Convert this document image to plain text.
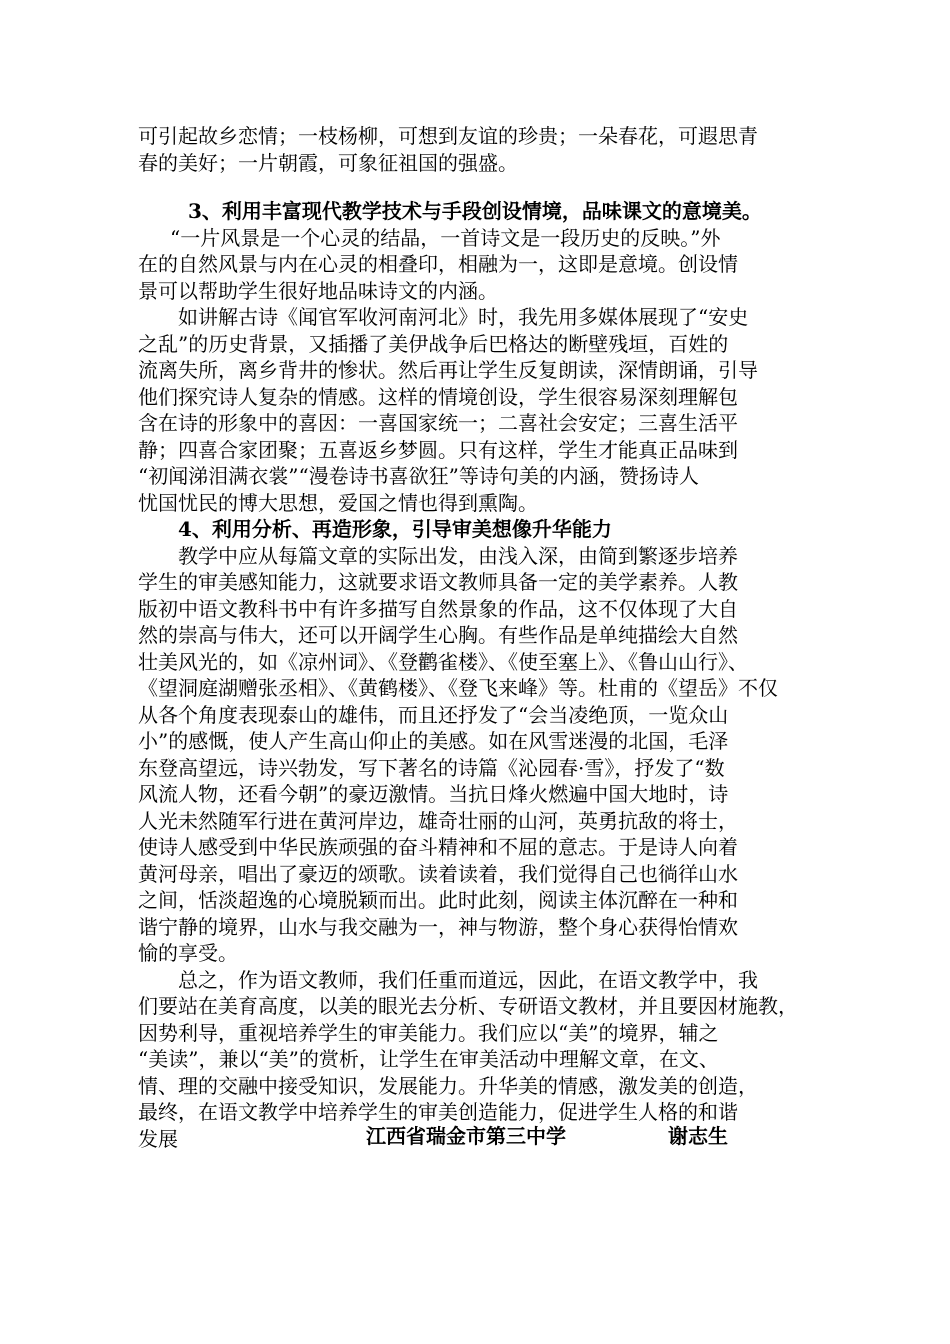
可引起故乡恋情；一枝杨柳，可想到友谊的珍贵；一朵春花，可遐思青
春的美好；一片朝霞，可象征祖国的强盛。
3、利用丰富现代教学技术与手段创设情境，品味课文的意境美。
“一片风景是一个心灵的结晶，一首诗文是一段历史的反映。”外
在的自然风景与内在心灵的相叠印，相融为一，这即是意境。创设情
景可以帮助学生很好地品味诗文的内涵。
如讲解古诗《闻官军收河南河北》时，我先用多媒体展现了“安史
之乱”的历史背景，又插播了美伊战争后巴格达的断壁残垣，百姓的
流离失所，离乡背井的惨状。然后再让学生反复朗读，深情朗诵，引导
他们探究诗人复杂的情感。这样的情境创设，学生很容易深刻理解包
含在诗的形象中的喜因：一喜国家统一；二喜社会安定；三喜生活平
静；四喜合家团聚；五喜返乡梦圆。只有这样，学生才能真正品味到
“初闻涕泪满衣裳”“漫卷诗书喜欲狂”等诗句美的内涵，赞扬诗人
忧国忧民的博大思想，爱国之情也得到熏陶。
4、利用分析、再造形象，引导审美想像升华能力
教学中应从每篇文章的实际出发，由浅入深，由简到繁逐步培养
学生的审美感知能力，这就要求语文教师具备一定的美学素养。人教
版初中语文教科书中有许多描写自然景象的作品，这不仅体现了大自
然的崇高与伟大，还可以开阔学生心胸。有些作品是单纯描绘大自然
壮美风光的，如《凉州词》、《登鹳雀楼》、《使至塞上》、《鲁山山行》、
《望洞庭湖赠张丞相》、《黄鹤楼》、《登飞来峰》等。杜甫的《望岳》不仅
从各个角度表现泰山的雄伟，而且还抒发了“会当凌绝顶，一览众山
小”的感慨，使人产生高山仰止的美感。如在风雪迷漫的北国，毛泽
东登高望远，诗兴勃发，写下著名的诗篇《沁园春·雪》，抒发了“数
风流人物，还看今朝”的豪迈激情。当抗日烽火燃遍中国大地时，诗
人光未然随军行进在黄河岸边，雄奇壮丽的山河，英勇抗敌的将士，
使诗人感受到中华民族顽强的奋斗精神和不屈的意志。于是诗人向着
黄河母亲，唱出了豪迈的颂歌。读着读着，我们觉得自己也徜徉山水
之间，恬淡超逸的心境脱颖而出。此时此刻，阅读主体沉醉在一种和
谐宁静的境界，山水与我交融为一，神与物游，整个身心获得怡情欢
愉的享受。
总之，作为语文教师，我们任重而道远，因此，在语文教学中，我
们要站在美育高度，以美的眼光去分析、专研语文教材，并且要因材施教，
因势利导，重视培养学生的审美能力。我们应以“美”的境界，辅之
“美读”，兼以“美”的赏析，让学生在审美活动中理解文章，在文、
情、理的交融中接受知识，发展能力。升华美的情感，激发美的创造，
最终，在语文教学中培养学生的审美创造能力，促进学生人格的和谐
发展	江西省瑞金市第三中学	谢志生
